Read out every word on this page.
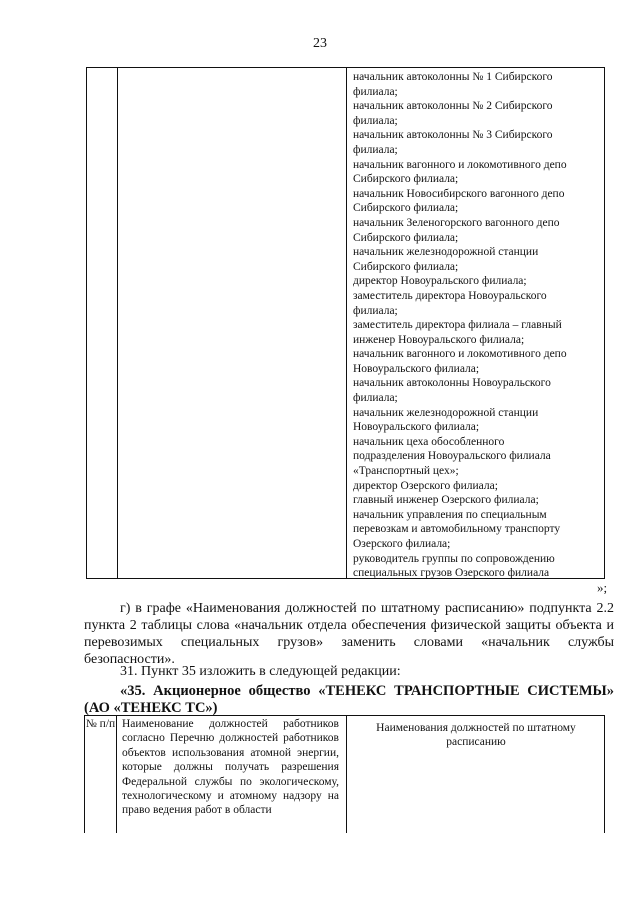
23
начальник автоколонны № 1 Сибирского
филиала;
начальник автоколонны № 2 Сибирского
филиала;
начальник автоколонны № 3 Сибирского
филиала;
начальник вагонного и локомотивного депо
Сибирского филиала;
начальник Новосибирского вагонного депо
Сибирского филиала;
начальник Зеленогорского вагонного депо
Сибирского филиала;
начальник железнодорожной станции
Сибирского филиала;
директор Новоуральского филиала;
заместитель директора Новоуральского
филиала;
заместитель директора филиала – главный
инженер Новоуральского филиала;
начальник вагонного и локомотивного депо
Новоуральского филиала;
начальник автоколонны Новоуральского
филиала;
начальник железнодорожной станции
Новоуральского филиала;
начальник цеха обособленного
подразделения Новоуральского филиала
«Транспортный цех»;
директор Озерского филиала;
главный инженер Озерского филиала;
начальник управления по специальным
перевозкам и автомобильному транспорту
Озерского филиала;
руководитель группы по сопровождению
специальных грузов Озерского филиала
»;
г) в графе «Наименования должностей по штатному расписанию» подпункта 2.2 пункта 2 таблицы слова «начальник отдела обеспечения физической защиты объекта и перевозимых специальных грузов» заменить словами «начальник службы безопасности».
31. Пункт 35 изложить в следующей редакции:
«35. Акционерное общество «ТЕНЕКС ТРАНСПОРТНЫЕ СИСТЕМЫ» (АО «ТЕНЕКС ТС»)
№ п/п Наименование должностей работников согласно Перечню должностей работников объектов использования атомной энергии, которые должны получать разрешения Федеральной службы по экологическому, технологическому и атомному надзору на право ведения работ в области
Наименования должностей по штатному расписанию
